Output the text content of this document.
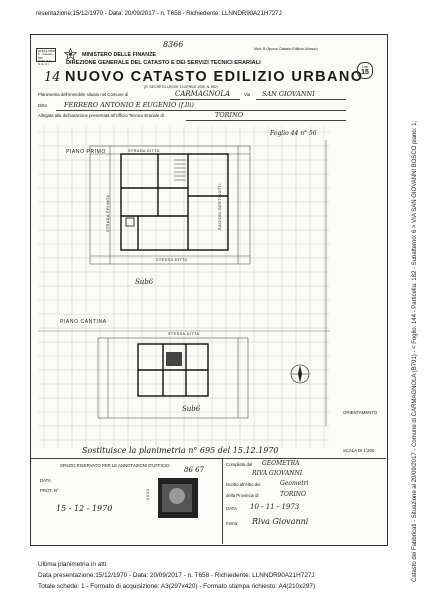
resentazione:15/12/1970 - Data: 20/09/2017 - n. T658 - Richiedente: LLNNDR90A21H727J
MODULARIO
F. - Catasto - 498
MOD. B (C. N. E. U.)
MINISTERO DELLE FINANZE
DIREZIONE GENERALE DEL CATASTO E DEI SERVIZI TECNICI ERARIALI
Mod. B (Nuovo Catasto Edilizio Urbano)
8366
14 NUOVO CATASTO EDILIZIO URBANO
Lire
15
(R. DECRETO-LEGGE 13 APRILE 1939, N. 652)
Planimetria dell'immobile situato nel Comune di	CARMAGNOLA	Via SAN GIOVANNI
Ditta	FERRERO ANTONIO E EUGENIO (f.lli)
Allegata alla dichiarazione presentata all'Ufficio Tecnico Erariale di	TORINO
Foglio 44 n° 56
PIANO PRIMO	STRADA DITTA
STESSA DITTA
STRADA PRIVATA	RAGIONI BERTINOTTI
Sub6
PIANO CANTINA
STESSA DITTA
Sub6	ORIENTAMENTO
SCALA DI 1:200
Sostituisce la planimetria n° 695 del 15.12.1970
SPAZIO RISERVATO PER LE ANNOTAZIONI D'UFFICIO
DATA
PROT. N°
86 67
15 - 12 - 1970
5 6 3 5
Compilata dal GEOMETRA
RIVA GIOVANNI
Iscritto all'Albo dei	Geometri
della Provincia di	TORINO
DATA 10 - 11 - 1973
Firma: Riva Giovanni	Catasto dei Fabbricati - Situazione al 20/09/2017 - Comune di CARMAGNOLA (B791) - < Foglio: 144 - Particella: 182 - Subalterno: 6 > VIA SAN GIOVANNI BOSCO piano: 1;
Ultima planimetria in atti
Data presentazione:15/12/1970 - Data: 20/09/2017 - n. T658 - Richiedente: LLNNDR90A21H727J
Totale schede: 1 - Formato di acquisizione: A3(297x420) - Formato stampa richiesto: A4(210x297)
